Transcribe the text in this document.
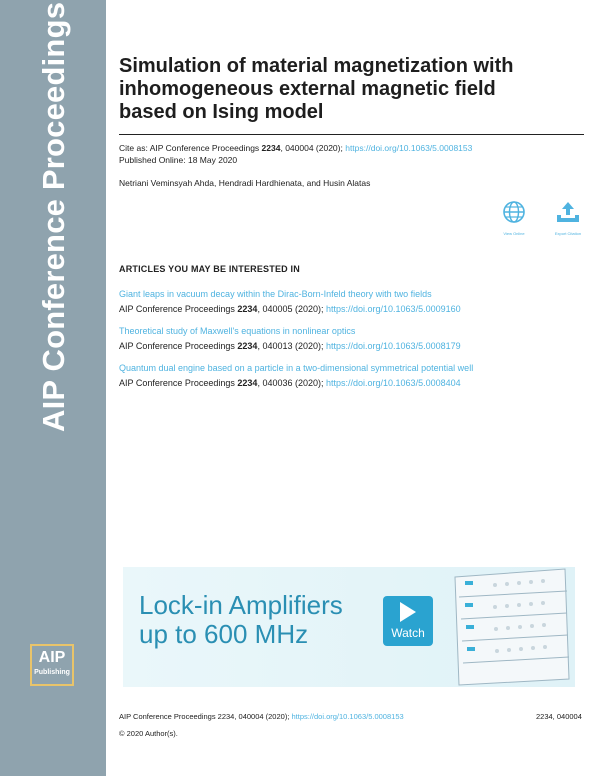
AIP Conference Proceedings
AIP
Publishing
Simulation of material magnetization with inhomogeneous external magnetic field based on Ising model
Cite as: AIP Conference Proceedings 2234, 040004 (2020); https://doi.org/10.1063/5.0008153
Published Online: 18 May 2020
Netriani Veminsyah Ahda, Hendradi Hardhienata, and Husin Alatas
View Online	Export Citation
ARTICLES YOU MAY BE INTERESTED IN
Giant leaps in vacuum decay within the Dirac-Born-Infeld theory with two fields
AIP Conference Proceedings 2234, 040005 (2020); https://doi.org/10.1063/5.0009160
Theoretical study of Maxwell's equations in nonlinear optics
AIP Conference Proceedings 2234, 040013 (2020); https://doi.org/10.1063/5.0008179
Quantum dual engine based on a particle in a two-dimensional symmetrical potential well
AIP Conference Proceedings 2234, 040036 (2020); https://doi.org/10.1063/5.0008404
Lock-in Amplifiers
up to 600 MHz	Watch
AIP Conference Proceedings 2234, 040004 (2020); https://doi.org/10.1063/5.0008153	2234, 040004
© 2020 Author(s).
